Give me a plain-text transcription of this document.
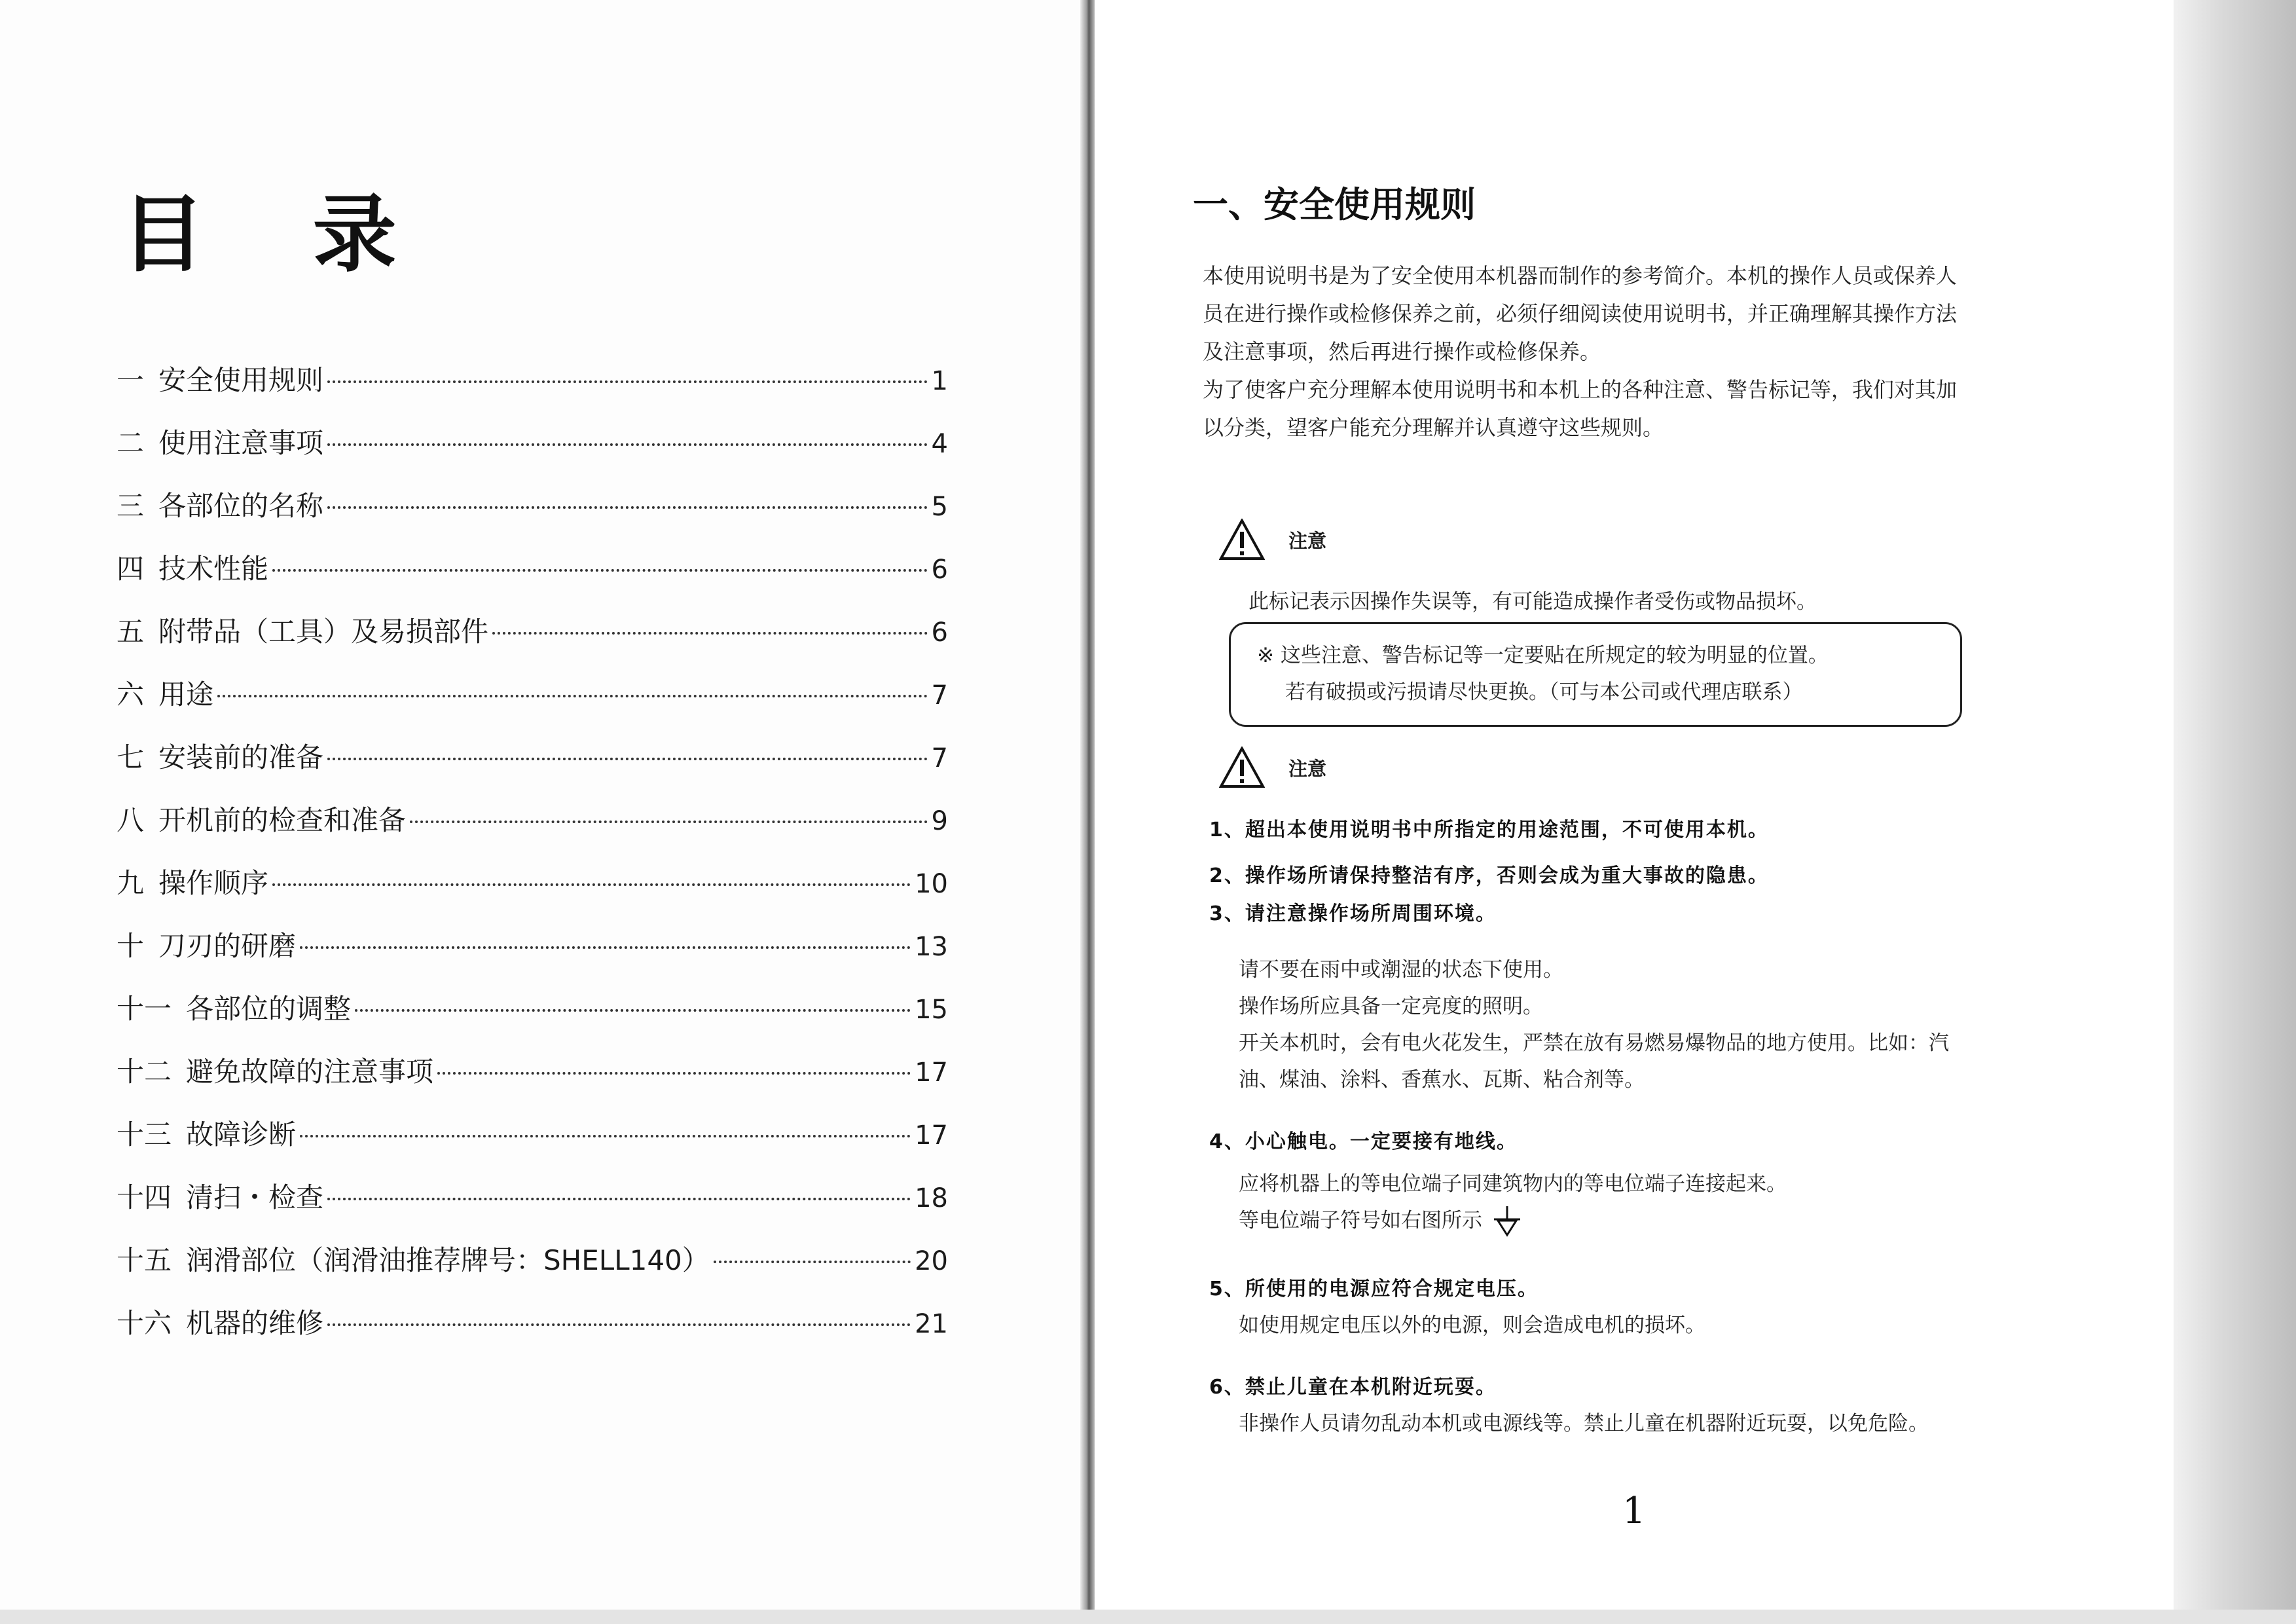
目 录
一 安全使用规则	1
二 使用注意事项	4
三 各部位的名称	5
四 技术性能	6
五 附带品（工具）及易损部件	6
六 用途	7
七 安装前的准备	7
八 开机前的检查和准备	9
九 操作顺序	10
十 刀刃的研磨	13
十一 各部位的调整	15
十二 避免故障的注意事项	17
十三 故障诊断	17
十四 清扫・检查	18
十五 润滑部位（润滑油推荐牌号：SHELL140）	20
十六 机器的维修	21
一、安全使用规则

本使用说明书是为了安全使用本机器而制作的参考简介。本机的操作人员或保养人

员在进行操作或检修保养之前，必须仔细阅读使用说明书，并正确理解其操作方法

及注意事项，然后再进行操作或检修保养。

为了使客户充分理解本使用说明书和本机上的各种注意、警告标记等，我们对其加

以分类，望客户能充分理解并认真遵守这些规则。

注意
此标记表示因操作失误等，有可能造成操作者受伤或物品损坏。

※ 这些注意、警告标记等一定要贴在所规定的较为明显的位置。

若有破损或污损请尽快更换。（可与本公司或代理店联系）

注意
1、超出本使用说明书中所指定的用途范围，不可使用本机。
2、操作场所请保持整洁有序，否则会成为重大事故的隐患。
3、请注意操作场所周围环境。

请不要在雨中或潮湿的状态下使用。

操作场所应具备一定亮度的照明。

开关本机时，会有电火花发生，严禁在放有易燃易爆物品的地方使用。比如：汽

油、煤油、涂料、香蕉水、瓦斯、粘合剂等。

4、小心触电。一定要接有地线。

应将机器上的等电位端子同建筑物内的等电位端子连接起来。

等电位端子符号如右图所示

5、所使用的电源应符合规定电压。

如使用规定电压以外的电源，则会造成电机的损坏。

6、禁止儿童在本机附近玩耍。

非操作人员请勿乱动本机或电源线等。禁止儿童在机器附近玩耍，以免危险。

1
